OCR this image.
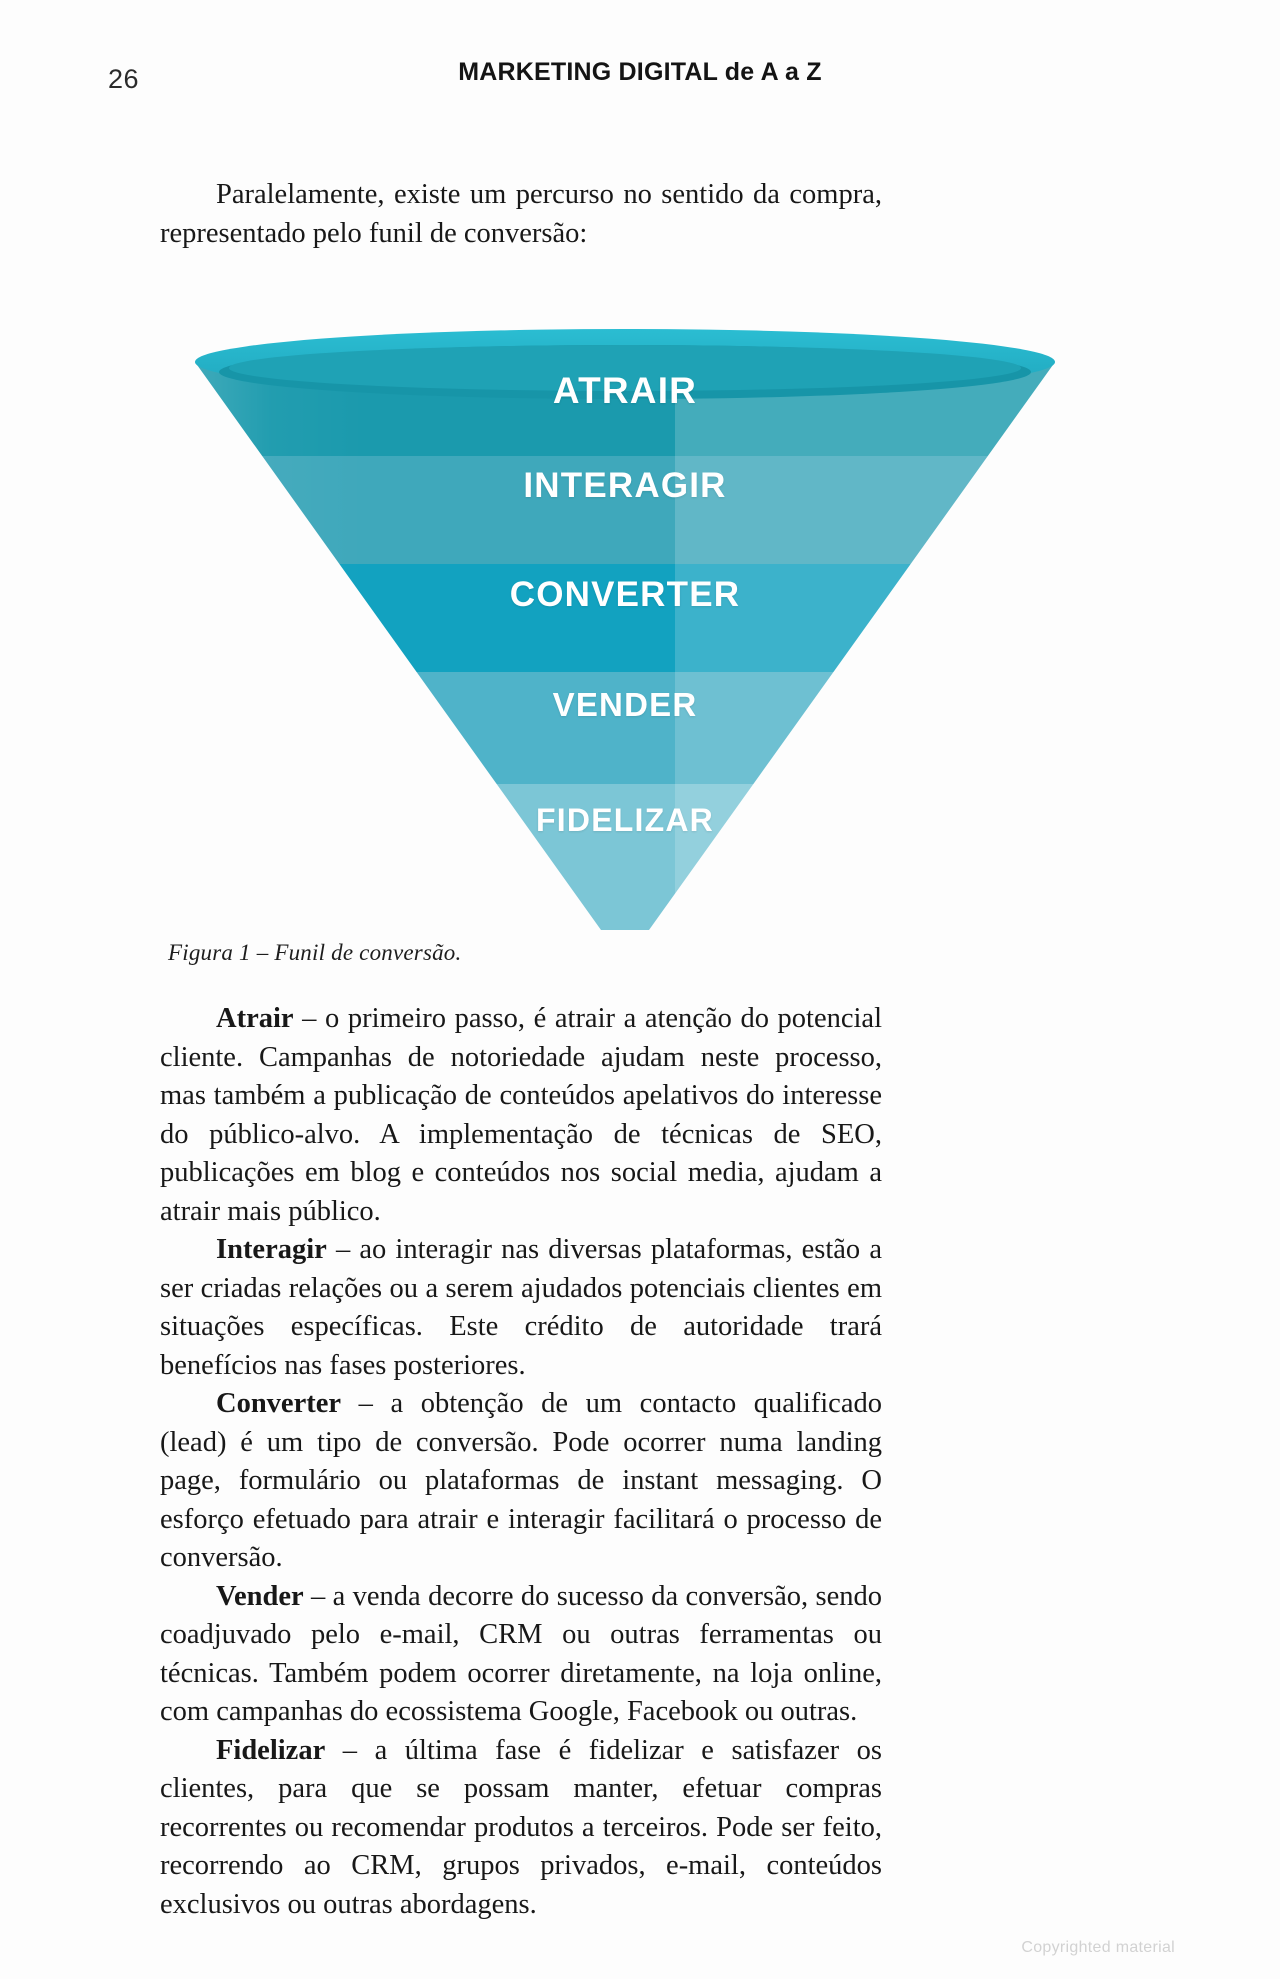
26	MARKETING DIGITAL de A a Z

Paralelamente, existe um percurso no sentido da compra, representado pelo funil de conversão:

ATRAIR
INTERAGIR
CONVERTER
VENDER
FIDELIZAR
Figura 1 – Funil de conversão.

Atrair – o primeiro passo, é atrair a atenção do potencial cliente. Campanhas de notoriedade ajudam neste processo, mas também a publicação de conteúdos apelativos do interesse do público-alvo. A implementação de técnicas de SEO, publicações em blog e conteúdos nos social media, ajudam a atrair mais público.

Interagir – ao interagir nas diversas plataformas, estão a ser criadas relações ou a serem ajudados potenciais clientes em situações específicas. Este crédito de autoridade trará benefícios nas fases posteriores.

Converter – a obtenção de um contacto qualificado (lead) é um tipo de conversão. Pode ocorrer numa landing page, formulário ou plataformas de instant messaging. O esforço efetuado para atrair e interagir facilitará o processo de conversão.

Vender – a venda decorre do sucesso da conversão, sendo coadjuvado pelo e-mail, CRM ou outras ferramentas ou técnicas. Também podem ocorrer diretamente, na loja online, com campanhas do ecossistema Google, Facebook ou outras.

Fidelizar – a última fase é fidelizar e satisfazer os clientes, para que se possam manter, efetuar compras recorrentes ou recomendar produtos a terceiros. Pode ser feito, recorrendo ao CRM, grupos privados, e-mail, conteúdos exclusivos ou outras abordagens.

Copyrighted material
